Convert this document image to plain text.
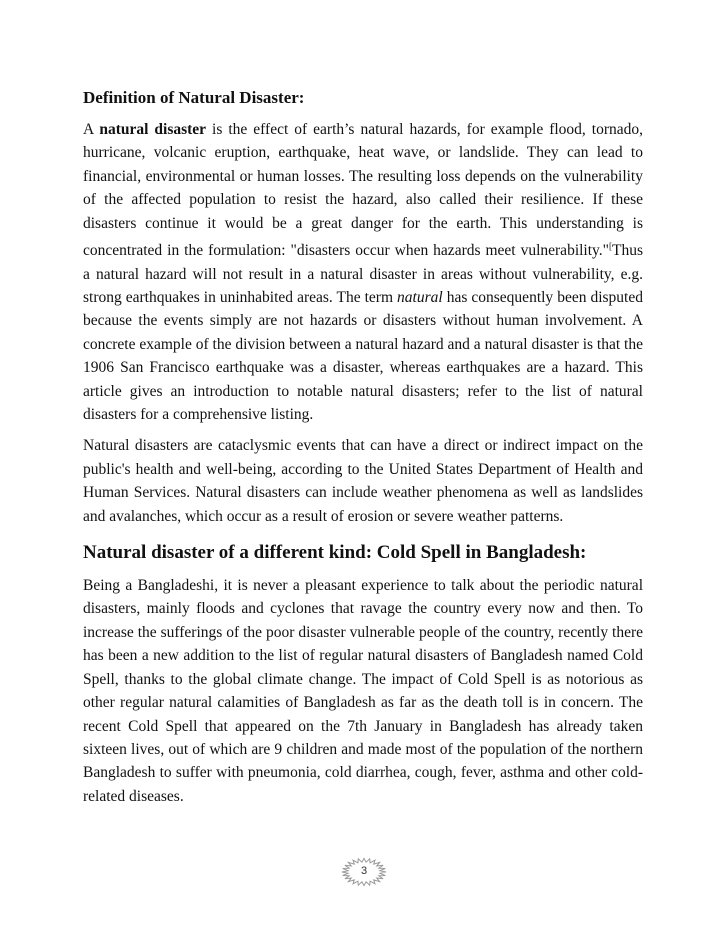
Definition of Natural Disaster:

A natural disaster is the effect of earth’s natural hazards, for example flood, tornado, hurricane, volcanic eruption, earthquake, heat wave, or landslide. They can lead to financial, environmental or human losses. The resulting loss depends on the vulnerability of the affected population to resist the hazard, also called their resilience. If these disasters continue it would be a great danger for the earth. This understanding is concentrated in the formulation: "disasters occur when hazards meet vulnerability."[Thus a natural hazard will not result in a natural disaster in areas without vulnerability, e.g. strong earthquakes in uninhabited areas. The term natural has consequently been disputed because the events simply are not hazards or disasters without human involvement. A concrete example of the division between a natural hazard and a natural disaster is that the 1906 San Francisco earthquake was a disaster, whereas earthquakes are a hazard. This article gives an introduction to notable natural disasters; refer to the list of natural disasters for a comprehensive listing.

Natural disasters are cataclysmic events that can have a direct or indirect impact on the public's health and well-being, according to the United States Department of Health and Human Services. Natural disasters can include weather phenomena as well as landslides and avalanches, which occur as a result of erosion or severe weather patterns.

Natural disaster of a different kind: Cold Spell in Bangladesh:

Being a Bangladeshi, it is never a pleasant experience to talk about the periodic natural disasters, mainly floods and cyclones that ravage the country every now and then. To increase the sufferings of the poor disaster vulnerable people of the country, recently there has been a new addition to the list of regular natural disasters of Bangladesh named Cold Spell, thanks to the global climate change. The impact of Cold Spell is as notorious as other regular natural calamities of Bangladesh as far as the death toll is in concern. The recent Cold Spell that appeared on the 7th January in Bangladesh has already taken sixteen lives, out of which are 9 children and made most of the population of the northern Bangladesh to suffer with pneumonia, cold diarrhea, cough, fever, asthma and other cold-related diseases.

3
